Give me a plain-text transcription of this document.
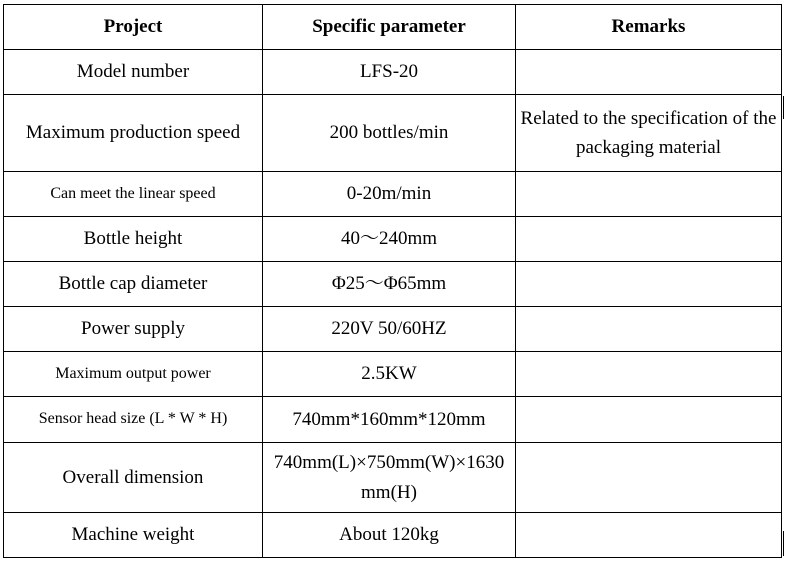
Project	Specific parameter	Remarks
Model number	LFS-20	
Maximum production speed	200 bottles/min	Related to the specification of the packaging material
Can meet the linear speed	0-20m/min	
Bottle height	40～240mm	
Bottle cap diameter	Φ25～Φ65mm	
Power supply	220V 50/60HZ	
Maximum output power	2.5KW	
Sensor head size (L * W * H)	740mm*160mm*120mm	
Overall dimension	740mm(L)×750mm(W)×1630mm(H)	
Machine weight	About 120kg	
